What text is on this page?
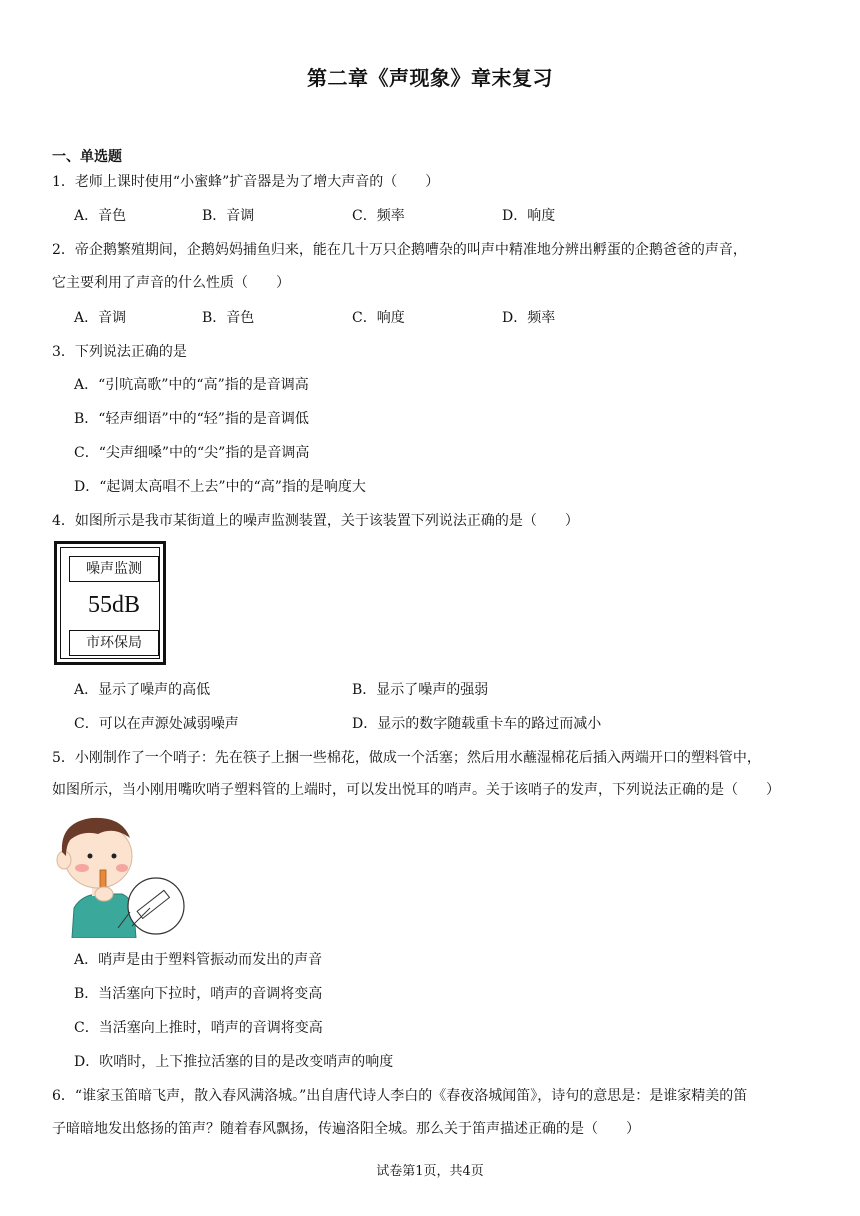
第二章《声现象》章末复习
一、单选题
1．老师上课时使用“小蜜蜂”扩音器是为了增大声音的（　　）
A．音色	B．音调	C．频率	D．响度
2．帝企鹅繁殖期间，企鹅妈妈捕鱼归来，能在几十万只企鹅嘈杂的叫声中精准地分辨出孵蛋的企鹅爸爸的声音，
它主要利用了声音的什么性质（　　）
A．音调	B．音色	C．响度	D．频率
3．下列说法正确的是
A．“引吭高歌”中的“高”指的是音调高
B．“轻声细语”中的“轻”指的是音调低
C．“尖声细嗓”中的“尖”指的是音调高
D．“起调太高唱不上去”中的“高”指的是响度大
4．如图所示是我市某街道上的噪声监测装置，关于该装置下列说法正确的是（　　）
噪声监测
55dB
市环保局
A．显示了噪声的高低	B．显示了噪声的强弱
C．可以在声源处减弱噪声	D．显示的数字随载重卡车的路过而减小
5．小刚制作了一个哨子：先在筷子上捆一些棉花，做成一个活塞；然后用水蘸湿棉花后插入两端开口的塑料管中，
如图所示，当小刚用嘴吹哨子塑料管的上端时，可以发出悦耳的哨声。关于该哨子的发声，下列说法正确的是（　　）
A．哨声是由于塑料管振动而发出的声音
B．当活塞向下拉时，哨声的音调将变高
C．当活塞向上推时，哨声的音调将变高
D．吹哨时，上下推拉活塞的目的是改变哨声的响度
6．“谁家玉笛暗飞声，散入春风满洛城。”出自唐代诗人李白的《春夜洛城闻笛》，诗句的意思是：是谁家精美的笛
子暗暗地发出悠扬的笛声？随着春风飘扬，传遍洛阳全城。那么关于笛声描述正确的是（　　）
试卷第1页，共4页
